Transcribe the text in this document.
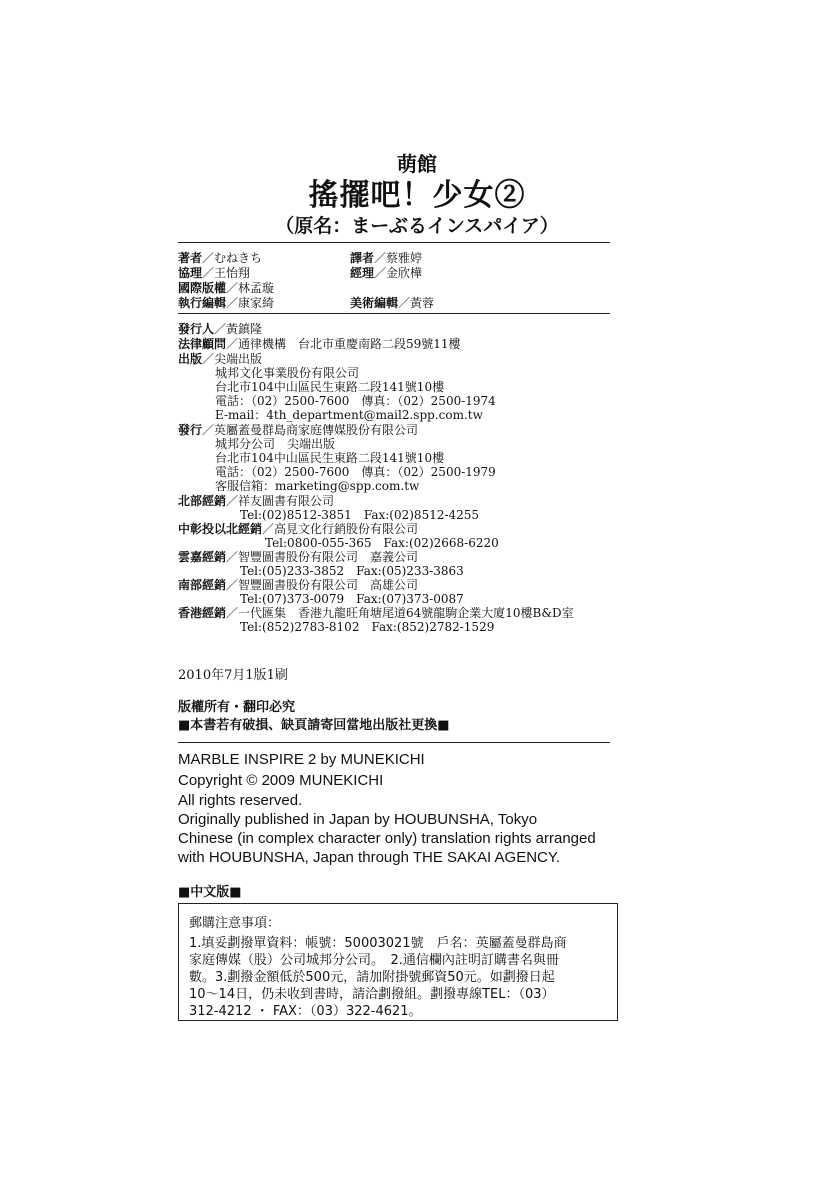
萌館
搖擺吧！少女②
（原名：まーぶるインスパイア）
著者／むねきち	譯者／蔡雅婷
協理／王怡翔	經理／金欣樺
國際版權／林孟璇
執行編輯／康家綺	美術編輯／黃蓉
發行人／黃鎮隆
法律顧問／通律機構　台北市重慶南路二段59號11樓
出版／尖端出版
城邦文化事業股份有限公司
台北市104中山區民生東路二段141號10樓
電話：（02）2500-7600　傳真：（02）2500-1974
E-mail：4th_department@mail2.spp.com.tw
發行／英屬蓋曼群島商家庭傳媒股份有限公司
城邦分公司　尖端出版
台北市104中山區民生東路二段141號10樓
電話：（02）2500-7600　傳真：（02）2500-1979
客服信箱：marketing@spp.com.tw
北部經銷／祥友圖書有限公司
Tel:(02)8512-3851　Fax:(02)8512-4255
中彰投以北經銷／高見文化行銷股份有限公司
Tel:0800-055-365　Fax:(02)2668-6220
雲嘉經銷／智豐圖書股份有限公司　嘉義公司
Tel:(05)233-3852　Fax:(05)233-3863
南部經銷／智豐圖書股份有限公司　高雄公司
Tel:(07)373-0079　Fax:(07)373-0087
香港經銷／一代匯集　香港九龍旺角塘尾道64號龍駒企業大廈10樓B&D室
Tel:(852)2783-8102　Fax:(852)2782-1529
2010年7月1版1刷
版權所有・翻印必究
■本書若有破損、缺頁請寄回當地出版社更換■
MARBLE INSPIRE 2 by MUNEKICHI
Copyright © 2009 MUNEKICHI
All rights reserved.
Originally published in Japan by HOUBUNSHA, Tokyo
Chinese (in complex character only) translation rights arranged
with HOUBUNSHA, Japan through THE SAKAI AGENCY.
■中文版■
郵購注意事項：
1.填妥劃撥單資料：帳號：50003021號　戶名：英屬蓋曼群島商
家庭傳媒（股）公司城邦分公司。　2.通信欄內註明訂購書名與冊
數。3.劃撥金額低於500元，請加附掛號郵資50元。如劃撥日起
10～14日，仍未收到書時，請洽劃撥組。劃撥專線TEL：（03）
312-4212 ・ FAX：（03）322-4621。
